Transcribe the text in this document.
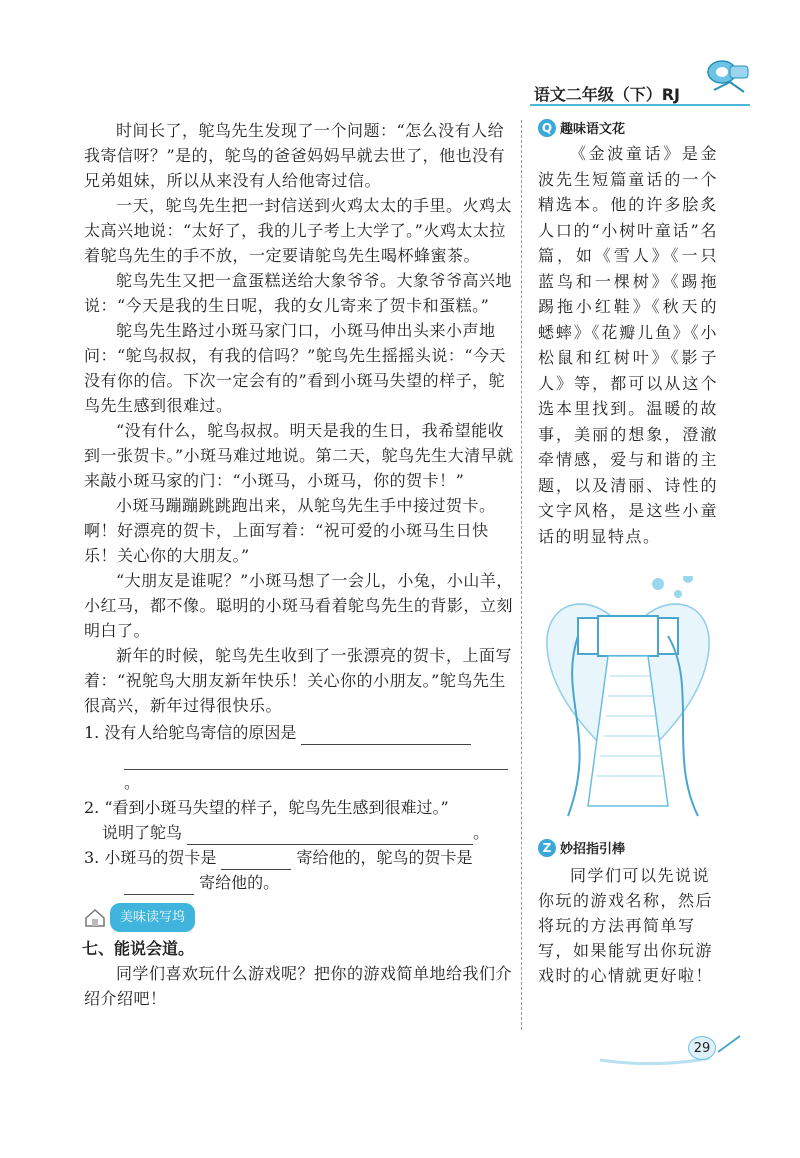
语文二年级（下）RJ

时间长了，鸵鸟先生发现了一个问题：“怎么没有人给我寄信呀？”是的，鸵鸟的爸爸妈妈早就去世了，他也没有兄弟姐妹，所以从来没有人给他寄过信。

一天，鸵鸟先生把一封信送到火鸡太太的手里。火鸡太太高兴地说：“太好了，我的儿子考上大学了。”火鸡太太拉着鸵鸟先生的手不放，一定要请鸵鸟先生喝杯蜂蜜茶。

鸵鸟先生又把一盒蛋糕送给大象爷爷。大象爷爷高兴地说：“今天是我的生日呢，我的女儿寄来了贺卡和蛋糕。”

鸵鸟先生路过小斑马家门口，小斑马伸出头来小声地问：“鸵鸟叔叔，有我的信吗？”鸵鸟先生摇摇头说：“今天没有你的信。下次一定会有的”看到小斑马失望的样子，鸵鸟先生感到很难过。

“没有什么，鸵鸟叔叔。明天是我的生日，我希望能收到一张贺卡。”小斑马难过地说。第二天，鸵鸟先生大清早就来敲小斑马家的门：“小斑马，小斑马，你的贺卡！”

小斑马蹦蹦跳跳跑出来，从鸵鸟先生手中接过贺卡。啊！好漂亮的贺卡，上面写着：“祝可爱的小斑马生日快乐！关心你的大朋友。”

“大朋友是谁呢？”小斑马想了一会儿，小兔，小山羊，小红马，都不像。聪明的小斑马看着鸵鸟先生的背影，立刻明白了。

新年的时候，鸵鸟先生收到了一张漂亮的贺卡，上面写着：“祝鸵鸟大朋友新年快乐！关心你的小朋友。”鸵鸟先生很高兴，新年过得很快乐。

1. 没有人给鸵鸟寄信的原因是
。
2. “看到小斑马失望的样子，鸵鸟先生感到很难过。”
说明了鸵鸟	。
3. 小斑马的贺卡是	寄给他的，鸵鸟的贺卡是
寄给他的。
美味读写坞
七、能说会道。

同学们喜欢玩什么游戏呢？把你的游戏简单地给我们介绍介绍吧！

Q 趣味语文花

《金波童话》是金波先生短篇童话的一个精选本。他的许多脍炙人口的“小树叶童话”名篇，如《雪人》《一只蓝鸟和一棵树》《踢拖踢拖小红鞋》《秋天的蟋蟀》《花瓣儿鱼》《小松鼠和红树叶》《影子人》等，都可以从这个选本里找到。温暖的故事，美丽的想象，澄澈牵情感，爱与和谐的主题，以及清丽、诗性的文字风格，是这些小童话的明显特点。

Z 妙招指引棒

同学们可以先说说你玩的游戏名称，然后将玩的方法再简单写写，如果能写出你玩游戏时的心情就更好啦！

29
